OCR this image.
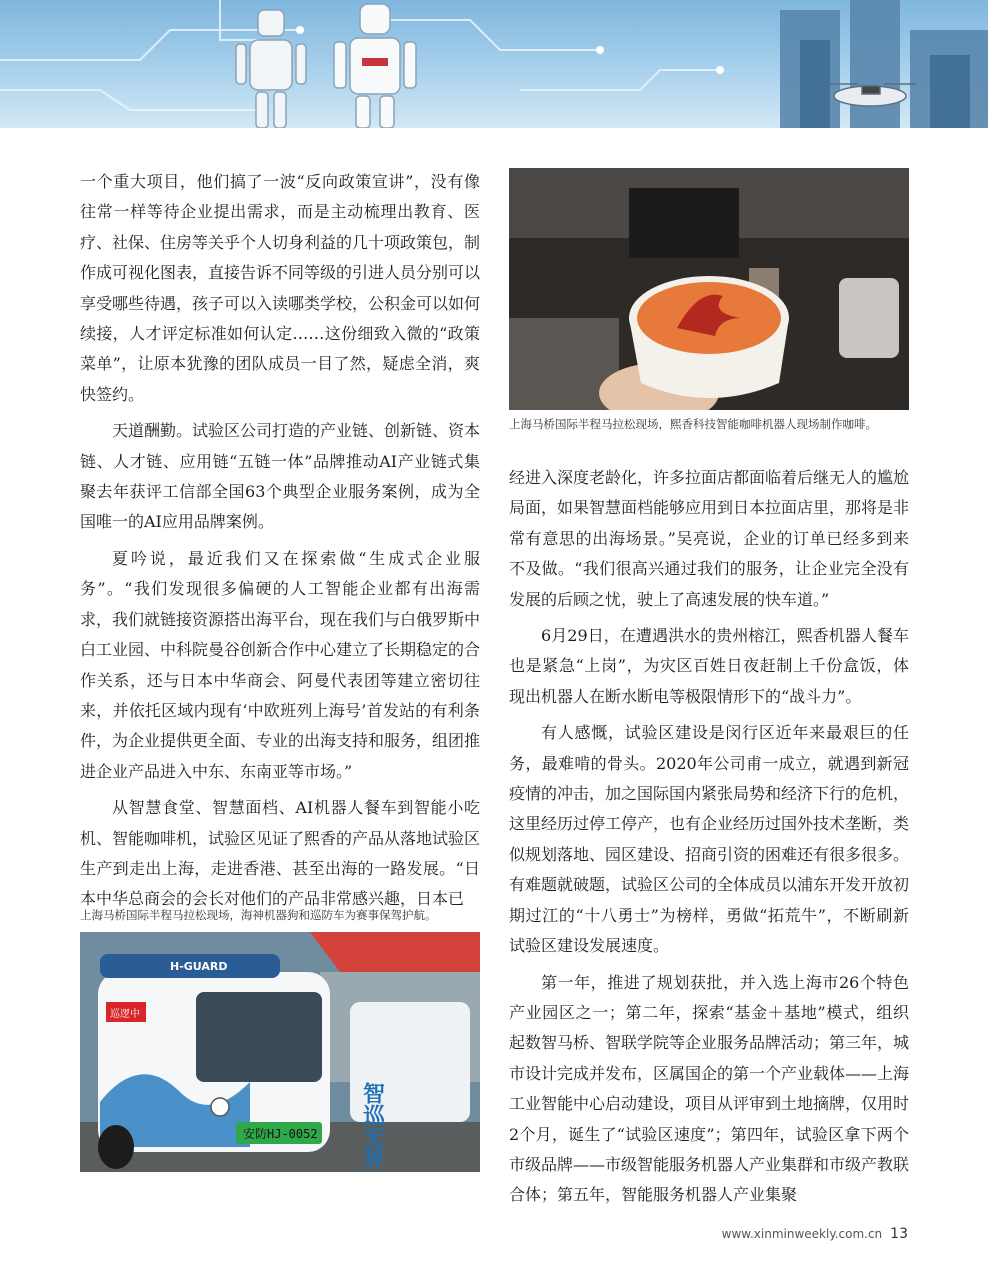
一个重大项目，他们搞了一波“反向政策宣讲”，没有像往常一样等待企业提出需求，而是主动梳理出教育、医疗、社保、住房等关乎个人切身利益的几十项政策包，制作成可视化图表，直接告诉不同等级的引进人员分别可以享受哪些待遇，孩子可以入读哪类学校，公积金可以如何续接，人才评定标准如何认定……这份细致入微的“政策菜单”，让原本犹豫的团队成员一目了然，疑虑全消，爽快签约。

天道酬勤。试验区公司打造的产业链、创新链、资本链、人才链、应用链“五链一体”品牌推动AI产业链式集聚去年获评工信部全国63个典型企业服务案例，成为全国唯一的AI应用品牌案例。

夏吟说，最近我们又在探索做“生成式企业服务”。“我们发现很多偏硬的人工智能企业都有出海需求，我们就链接资源搭出海平台，现在我们与白俄罗斯中白工业园、中科院曼谷创新合作中心建立了长期稳定的合作关系，还与日本中华商会、阿曼代表团等建立密切往来，并依托区域内现有‘中欧班列上海号’首发站的有利条件，为企业提供更全面、专业的出海支持和服务，组团推进企业产品进入中东、东南亚等市场。”

从智慧食堂、智慧面档、AI机器人餐车到智能小吃机、智能咖啡机，试验区见证了熙香的产品从落地试验区生产到走出上海，走进香港、甚至出海的一路发展。“日本中华总商会的会长对他们的产品非常感兴趣，日本已

上海马桥国际半程马拉松现场，熙香科技智能咖啡机器人现场制作咖啡。

经进入深度老龄化，许多拉面店都面临着后继无人的尴尬局面，如果智慧面档能够应用到日本拉面店里，那将是非常有意思的出海场景。”吴亮说，企业的订单已经多到来不及做。“我们很高兴通过我们的服务，让企业完全没有发展的后顾之忧，驶上了高速发展的快车道。”

6月29日，在遭遇洪水的贵州榕江，熙香机器人餐车也是紧急“上岗”，为灾区百姓日夜赶制上千份盒饭，体现出机器人在断水断电等极限情形下的“战斗力”。

有人感慨，试验区建设是闵行区近年来最艰巨的任务，最难啃的骨头。2020年公司甫一成立，就遇到新冠疫情的冲击，加之国际国内紧张局势和经济下行的危机，这里经历过停工停产，也有企业经历过国外技术垄断，类似规划落地、园区建设、招商引资的困难还有很多很多。有难题就破题，试验区公司的全体成员以浦东开发开放初期过江的“十八勇士”为榜样，勇做“拓荒牛”，不断刷新试验区建设发展速度。

第一年，推进了规划获批，并入选上海市26个特色产业园区之一；第二年，探索“基金＋基地”模式，组织起数智马桥、智联学院等企业服务品牌活动；第三年，城市设计完成并发布，区属国企的第一个产业载体——上海工业智能中心启动建设，项目从评审到土地摘牌，仅用时2个月，诞生了“试验区速度”；第四年，试验区拿下两个市级品牌——市级智能服务机器人产业集群和市级产教联合体；第五年，智能服务机器人产业集聚

上海马桥国际半程马拉松现场，海神机器狗和巡防车为赛事保驾护航。
智巡无界
H-GUARD
巡逻中
安防HJ-0052
www.xinminweekly.com.cn 13
